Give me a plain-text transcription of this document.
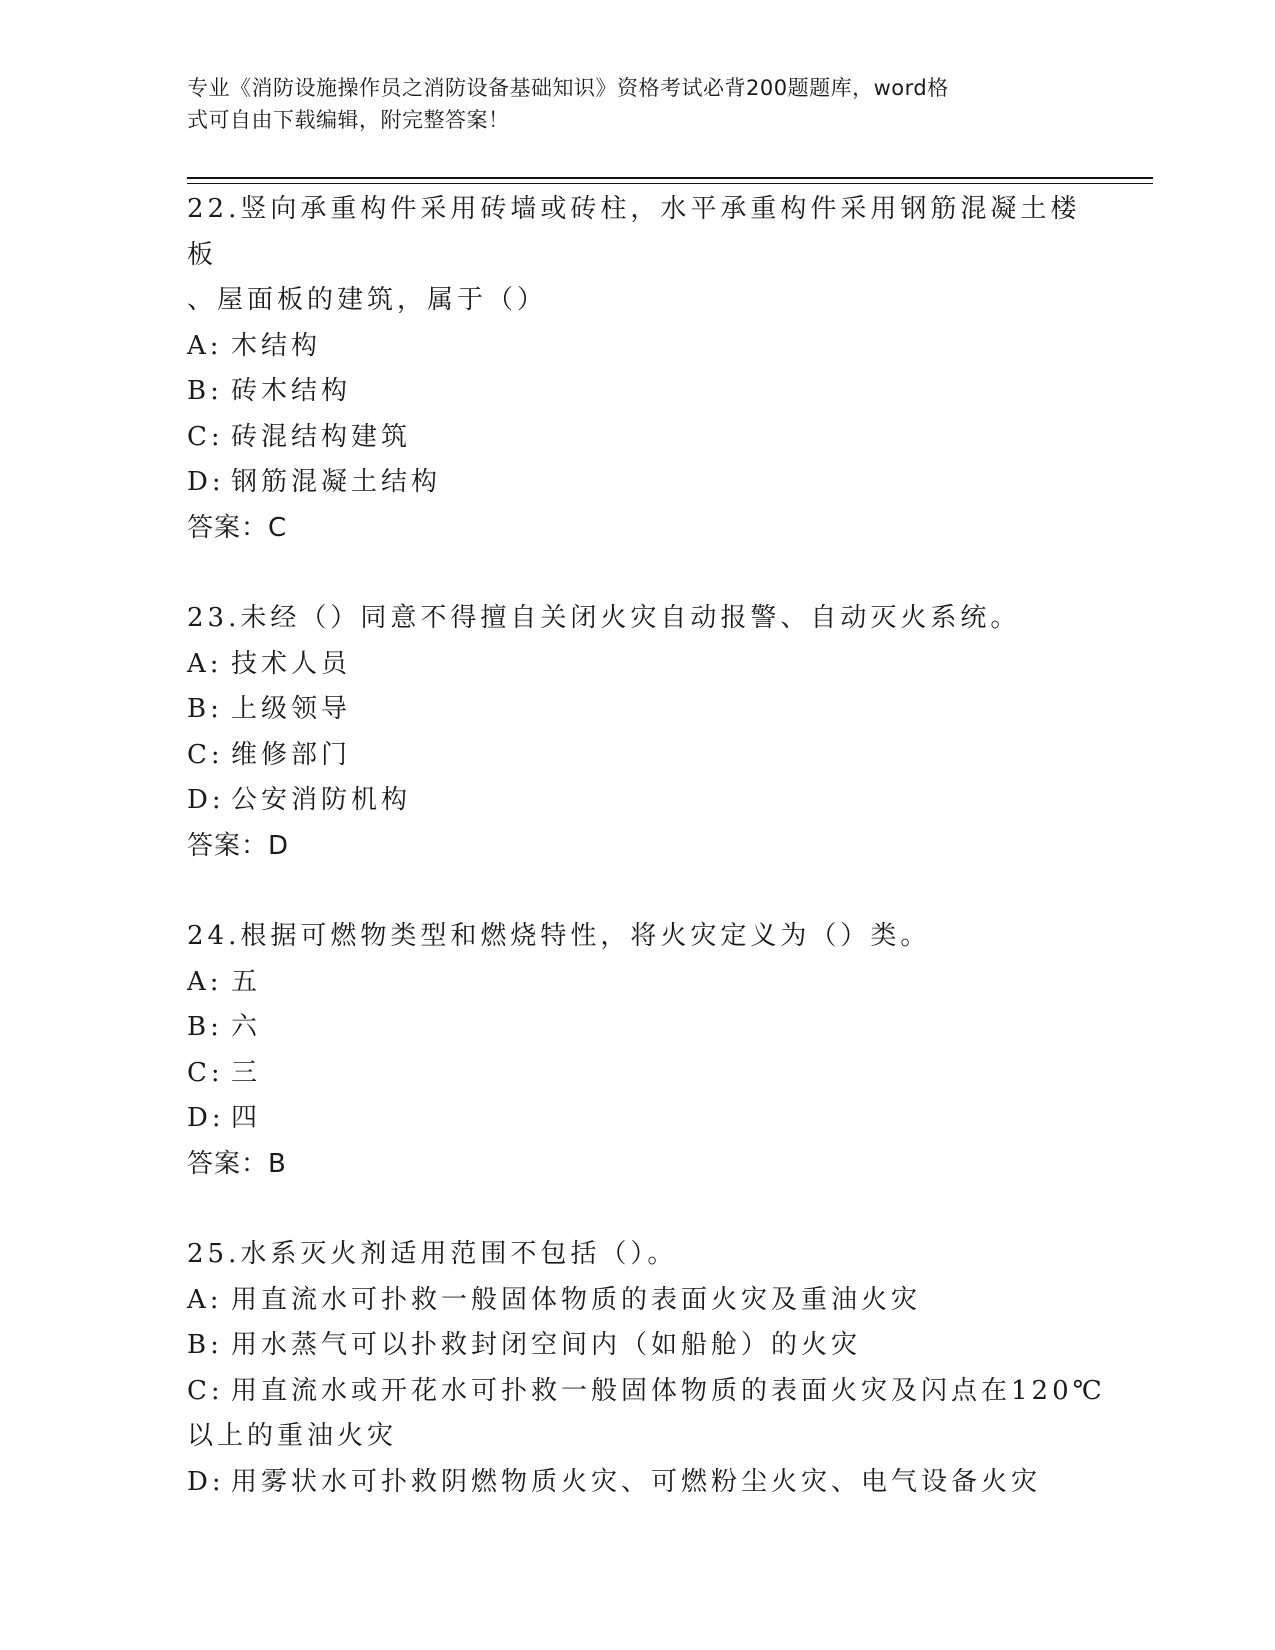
专业《消防设施操作员之消防设备基础知识》资格考试必背200题题库，word格
式可自由下载编辑，附完整答案！
22.竖向承重构件采用砖墙或砖柱，水平承重构件采用钢筋混凝土楼板
、屋面板的建筑，属于（）
A: 木结构
B: 砖木结构
C: 砖混结构建筑
D: 钢筋混凝土结构
答案：C
23.未经（）同意不得擅自关闭火灾自动报警、自动灭火系统。
A: 技术人员
B: 上级领导
C: 维修部门
D: 公安消防机构
答案：D
24.根据可燃物类型和燃烧特性，将火灾定义为（）类。
A: 五
B: 六
C: 三
D: 四
答案：B
25.水系灭火剂适用范围不包括（）。
A: 用直流水可扑救一般固体物质的表面火灾及重油火灾
B: 用水蒸气可以扑救封闭空间内（如船舱）的火灾
C: 用直流水或开花水可扑救一般固体物质的表面火灾及闪点在120℃
以上的重油火灾
D: 用雾状水可扑救阴燃物质火灾、可燃粉尘火灾、电气设备火灾
